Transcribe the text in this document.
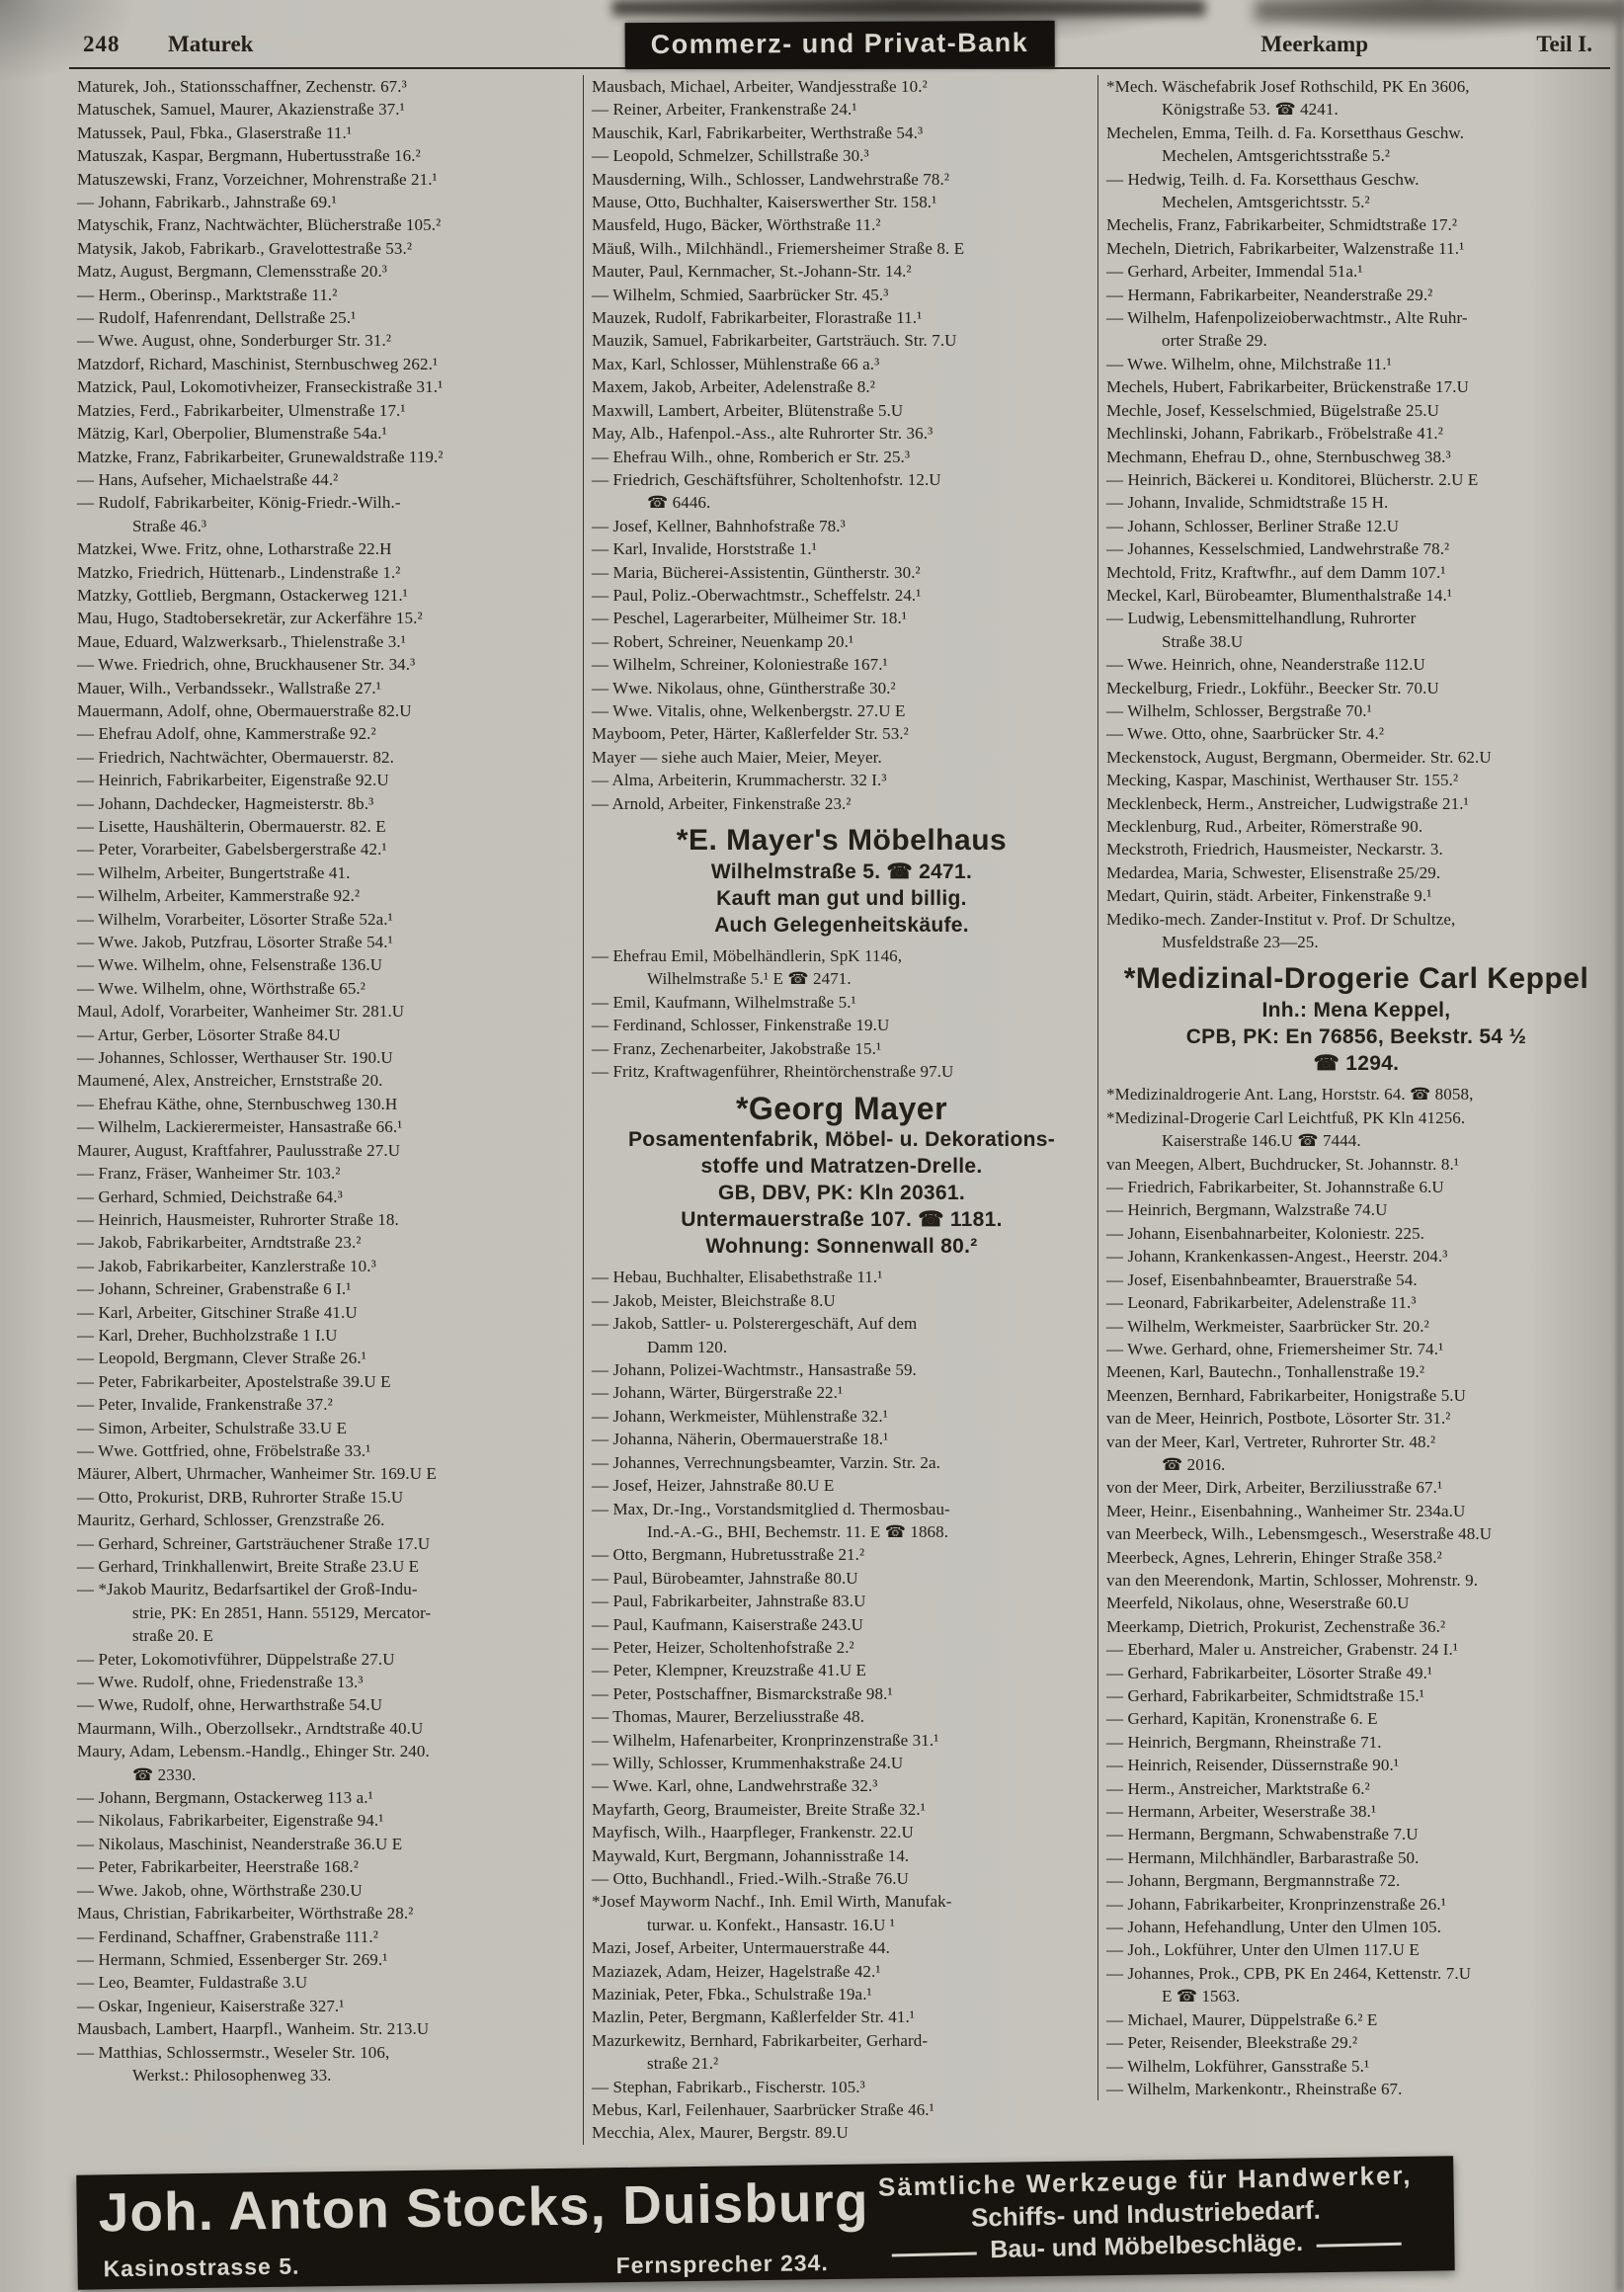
248 Maturek	Commerz- und Privat-Bank	Meerkamp	Teil I.
Maturek, Joh., Stationsschaffner, Zechenstr. 67.³
Matuschek, Samuel, Maurer, Akazienstraße 37.¹
Matussek, Paul, Fbka., Glaserstraße 11.¹
Matuszak, Kaspar, Bergmann, Hubertusstraße 16.²
Matuszewski, Franz, Vorzeichner, Mohrenstraße 21.¹
— Johann, Fabrikarb., Jahnstraße 69.¹
Matyschik, Franz, Nachtwächter, Blücherstraße 105.²
Matysik, Jakob, Fabrikarb., Gravelottestraße 53.²
Matz, August, Bergmann, Clemensstraße 20.³
— Herm., Oberinsp., Marktstraße 11.²
— Rudolf, Hafenrendant, Dellstraße 25.¹
— Wwe. August, ohne, Sonderburger Str. 31.²
Matzdorf, Richard, Maschinist, Sternbuschweg 262.¹
Matzick, Paul, Lokomotivheizer, Franseckistraße 31.¹
Matzies, Ferd., Fabrikarbeiter, Ulmenstraße 17.¹
Mätzig, Karl, Oberpolier, Blumenstraße 54a.¹
Matzke, Franz, Fabrikarbeiter, Grunewaldstraße 119.²
— Hans, Aufseher, Michaelstraße 44.²
— Rudolf, Fabrikarbeiter, König-Friedr.-Wilh.-
Straße 46.³
Matzkei, Wwe. Fritz, ohne, Lotharstraße 22.H
Matzko, Friedrich, Hüttenarb., Lindenstraße 1.²
Matzky, Gottlieb, Bergmann, Ostackerweg 121.¹
Mau, Hugo, Stadtobersekretär, zur Ackerfähre 15.²
Maue, Eduard, Walzwerksarb., Thielenstraße 3.¹
— Wwe. Friedrich, ohne, Bruckhausener Str. 34.³
Mauer, Wilh., Verbandssekr., Wallstraße 27.¹
Mauermann, Adolf, ohne, Obermauerstraße 82.U
— Ehefrau Adolf, ohne, Kammerstraße 92.²
— Friedrich, Nachtwächter, Obermauerstr. 82.
— Heinrich, Fabrikarbeiter, Eigenstraße 92.U
— Johann, Dachdecker, Hagmeisterstr. 8b.³
— Lisette, Haushälterin, Obermauerstr. 82. E
— Peter, Vorarbeiter, Gabelsbergerstraße 42.¹
— Wilhelm, Arbeiter, Bungertstraße 41.
— Wilhelm, Arbeiter, Kammerstraße 92.²
— Wilhelm, Vorarbeiter, Lösorter Straße 52a.¹
— Wwe. Jakob, Putzfrau, Lösorter Straße 54.¹
— Wwe. Wilhelm, ohne, Felsenstraße 136.U
— Wwe. Wilhelm, ohne, Wörthstraße 65.²
Maul, Adolf, Vorarbeiter, Wanheimer Str. 281.U
— Artur, Gerber, Lösorter Straße 84.U
— Johannes, Schlosser, Werthauser Str. 190.U
Maumené, Alex, Anstreicher, Ernststraße 20.
— Ehefrau Käthe, ohne, Sternbuschweg 130.H
— Wilhelm, Lackierermeister, Hansastraße 66.¹
Maurer, August, Kraftfahrer, Paulusstraße 27.U
— Franz, Fräser, Wanheimer Str. 103.²
— Gerhard, Schmied, Deichstraße 64.³
— Heinrich, Hausmeister, Ruhrorter Straße 18.
— Jakob, Fabrikarbeiter, Arndtstraße 23.²
— Jakob, Fabrikarbeiter, Kanzlerstraße 10.³
— Johann, Schreiner, Grabenstraße 6 I.¹
— Karl, Arbeiter, Gitschiner Straße 41.U
— Karl, Dreher, Buchholzstraße 1 I.U
— Leopold, Bergmann, Clever Straße 26.¹
— Peter, Fabrikarbeiter, Apostelstraße 39.U E
— Peter, Invalide, Frankenstraße 37.²
— Simon, Arbeiter, Schulstraße 33.U E
— Wwe. Gottfried, ohne, Fröbelstraße 33.¹
Mäurer, Albert, Uhrmacher, Wanheimer Str. 169.U E
— Otto, Prokurist, DRB, Ruhrorter Straße 15.U
Mauritz, Gerhard, Schlosser, Grenzstraße 26.
— Gerhard, Schreiner, Gartsträuchener Straße 17.U
— Gerhard, Trinkhallenwirt, Breite Straße 23.U E
— *Jakob Mauritz, Bedarfsartikel der Groß-Indu-
strie, PK: En 2851, Hann. 55129, Mercator-
straße 20. E
— Peter, Lokomotivführer, Düppelstraße 27.U
— Wwe. Rudolf, ohne, Friedenstraße 13.³
— Wwe, Rudolf, ohne, Herwarthstraße 54.U
Maurmann, Wilh., Oberzollsekr., Arndtstraße 40.U
Maury, Adam, Lebensm.-Handlg., Ehinger Str. 240.
☎ 2330.
— Johann, Bergmann, Ostackerweg 113 a.¹
— Nikolaus, Fabrikarbeiter, Eigenstraße 94.¹
— Nikolaus, Maschinist, Neanderstraße 36.U E
— Peter, Fabrikarbeiter, Heerstraße 168.²
— Wwe. Jakob, ohne, Wörthstraße 230.U
Maus, Christian, Fabrikarbeiter, Wörthstraße 28.²
— Ferdinand, Schaffner, Grabenstraße 111.²
— Hermann, Schmied, Essenberger Str. 269.¹
— Leo, Beamter, Fuldastraße 3.U
— Oskar, Ingenieur, Kaiserstraße 327.¹
Mausbach, Lambert, Haarpfl., Wanheim. Str. 213.U
— Matthias, Schlossermstr., Weseler Str. 106,
Werkst.: Philosophenweg 33.
Mausbach, Michael, Arbeiter, Wandjesstraße 10.²
— Reiner, Arbeiter, Frankenstraße 24.¹
Mauschik, Karl, Fabrikarbeiter, Werthstraße 54.³
— Leopold, Schmelzer, Schillstraße 30.³
Mausderning, Wilh., Schlosser, Landwehrstraße 78.²
Mause, Otto, Buchhalter, Kaiserswerther Str. 158.¹
Mausfeld, Hugo, Bäcker, Wörthstraße 11.²
Mäuß, Wilh., Milchhändl., Friemersheimer Straße 8. E
Mauter, Paul, Kernmacher, St.-Johann-Str. 14.²
— Wilhelm, Schmied, Saarbrücker Str. 45.³
Mauzek, Rudolf, Fabrikarbeiter, Florastraße 11.¹
Mauzik, Samuel, Fabrikarbeiter, Gartsträuch. Str. 7.U
Max, Karl, Schlosser, Mühlenstraße 66 a.³
Maxem, Jakob, Arbeiter, Adelenstraße 8.²
Maxwill, Lambert, Arbeiter, Blütenstraße 5.U
May, Alb., Hafenpol.-Ass., alte Ruhrorter Str. 36.³
— Ehefrau Wilh., ohne, Romberich er Str. 25.³
— Friedrich, Geschäftsführer, Scholtenhofstr. 12.U
☎ 6446.
— Josef, Kellner, Bahnhofstraße 78.³
— Karl, Invalide, Horststraße 1.¹
— Maria, Bücherei-Assistentin, Güntherstr. 30.²
— Paul, Poliz.-Oberwachtmstr., Scheffelstr. 24.¹
— Peschel, Lagerarbeiter, Mülheimer Str. 18.¹
— Robert, Schreiner, Neuenkamp 20.¹
— Wilhelm, Schreiner, Koloniestraße 167.¹
— Wwe. Nikolaus, ohne, Güntherstraße 30.²
— Wwe. Vitalis, ohne, Welkenbergstr. 27.U E
Mayboom, Peter, Härter, Kaßlerfelder Str. 53.²
Mayer — siehe auch Maier, Meier, Meyer.
— Alma, Arbeiterin, Krummacherstr. 32 I.³
— Arnold, Arbeiter, Finkenstraße 23.²
*E. Mayer's Möbelhaus
Wilhelmstraße 5. ☎ 2471.
Kauft man gut und billig.
Auch Gelegenheitskäufe.
— Ehefrau Emil, Möbelhändlerin, SpK 1146,
Wilhelmstraße 5.¹ E ☎ 2471.
— Emil, Kaufmann, Wilhelmstraße 5.¹
— Ferdinand, Schlosser, Finkenstraße 19.U
— Franz, Zechenarbeiter, Jakobstraße 15.¹
— Fritz, Kraftwagenführer, Rheintörchenstraße 97.U
*Georg Mayer
Posamentenfabrik, Möbel- u. Dekorations-
stoffe und Matratzen-Drelle.
GB, DBV, PK: Kln 20361.
Untermauerstraße 107. ☎ 1181.
Wohnung: Sonnenwall 80.²
— Hebau, Buchhalter, Elisabethstraße 11.¹
— Jakob, Meister, Bleichstraße 8.U
— Jakob, Sattler- u. Polsterergeschäft, Auf dem
Damm 120.
— Johann, Polizei-Wachtmstr., Hansastraße 59.
— Johann, Wärter, Bürgerstraße 22.¹
— Johann, Werkmeister, Mühlenstraße 32.¹
— Johanna, Näherin, Obermauerstraße 18.¹
— Johannes, Verrechnungsbeamter, Varzin. Str. 2a.
— Josef, Heizer, Jahnstraße 80.U E
— Max, Dr.-Ing., Vorstandsmitglied d. Thermosbau-
Ind.-A.-G., BHI, Bechemstr. 11. E ☎ 1868.
— Otto, Bergmann, Hubretusstraße 21.²
— Paul, Bürobeamter, Jahnstraße 80.U
— Paul, Fabrikarbeiter, Jahnstraße 83.U
— Paul, Kaufmann, Kaiserstraße 243.U
— Peter, Heizer, Scholtenhofstraße 2.²
— Peter, Klempner, Kreuzstraße 41.U E
— Peter, Postschaffner, Bismarckstraße 98.¹
— Thomas, Maurer, Berzeliusstraße 48.
— Wilhelm, Hafenarbeiter, Kronprinzenstraße 31.¹
— Willy, Schlosser, Krummenhakstraße 24.U
— Wwe. Karl, ohne, Landwehrstraße 32.³
Mayfarth, Georg, Braumeister, Breite Straße 32.¹
Mayfisch, Wilh., Haarpfleger, Frankenstr. 22.U
Maywald, Kurt, Bergmann, Johannisstraße 14.
— Otto, Buchhandl., Fried.-Wilh.-Straße 76.U
*Josef Mayworm Nachf., Inh. Emil Wirth, Manufak-
turwar. u. Konfekt., Hansastr. 16.U ¹
Mazi, Josef, Arbeiter, Untermauerstraße 44.
Maziazek, Adam, Heizer, Hagelstraße 42.¹
Maziniak, Peter, Fbka., Schulstraße 19a.¹
Mazlin, Peter, Bergmann, Kaßlerfelder Str. 41.¹
Mazurkewitz, Bernhard, Fabrikarbeiter, Gerhard-
straße 21.²
— Stephan, Fabrikarb., Fischerstr. 105.³
Mebus, Karl, Feilenhauer, Saarbrücker Straße 46.¹
Mecchia, Alex, Maurer, Bergstr. 89.U
*Mech. Wäschefabrik Josef Rothschild, PK En 3606,
Königstraße 53. ☎ 4241.
Mechelen, Emma, Teilh. d. Fa. Korsetthaus Geschw.
Mechelen, Amtsgerichtsstraße 5.²
— Hedwig, Teilh. d. Fa. Korsetthaus Geschw.
Mechelen, Amtsgerichtsstr. 5.²
Mechelis, Franz, Fabrikarbeiter, Schmidtstraße 17.²
Mecheln, Dietrich, Fabrikarbeiter, Walzenstraße 11.¹
— Gerhard, Arbeiter, Immendal 51a.¹
— Hermann, Fabrikarbeiter, Neanderstraße 29.²
— Wilhelm, Hafenpolizeioberwachtmstr., Alte Ruhr-
orter Straße 29.
— Wwe. Wilhelm, ohne, Milchstraße 11.¹
Mechels, Hubert, Fabrikarbeiter, Brückenstraße 17.U
Mechle, Josef, Kesselschmied, Bügelstraße 25.U
Mechlinski, Johann, Fabrikarb., Fröbelstraße 41.²
Mechmann, Ehefrau D., ohne, Sternbuschweg 38.³
— Heinrich, Bäckerei u. Konditorei, Blücherstr. 2.U E
— Johann, Invalide, Schmidtstraße 15 H.
— Johann, Schlosser, Berliner Straße 12.U
— Johannes, Kesselschmied, Landwehrstraße 78.²
Mechtold, Fritz, Kraftwfhr., auf dem Damm 107.¹
Meckel, Karl, Bürobeamter, Blumenthalstraße 14.¹
— Ludwig, Lebensmittelhandlung, Ruhrorter
Straße 38.U
— Wwe. Heinrich, ohne, Neanderstraße 112.U
Meckelburg, Friedr., Lokführ., Beecker Str. 70.U
— Wilhelm, Schlosser, Bergstraße 70.¹
— Wwe. Otto, ohne, Saarbrücker Str. 4.²
Meckenstock, August, Bergmann, Obermeider. Str. 62.U
Mecking, Kaspar, Maschinist, Werthauser Str. 155.²
Mecklenbeck, Herm., Anstreicher, Ludwigstraße 21.¹
Mecklenburg, Rud., Arbeiter, Römerstraße 90.
Meckstroth, Friedrich, Hausmeister, Neckarstr. 3.
Medardea, Maria, Schwester, Elisenstraße 25/29.
Medart, Quirin, städt. Arbeiter, Finkenstraße 9.¹
Mediko-mech. Zander-Institut v. Prof. Dr Schultze,
Musfeldstraße 23—25.
*Medizinal-Drogerie Carl Keppel
Inh.: Mena Keppel,
CPB, PK: En 76856, Beekstr. 54 ½
☎ 1294.
*Medizinaldrogerie Ant. Lang, Horststr. 64. ☎ 8058,
*Medizinal-Drogerie Carl Leichtfuß, PK Kln 41256.
Kaiserstraße 146.U ☎ 7444.
van Meegen, Albert, Buchdrucker, St. Johannstr. 8.¹
— Friedrich, Fabrikarbeiter, St. Johannstraße 6.U
— Heinrich, Bergmann, Walzstraße 74.U
— Johann, Eisenbahnarbeiter, Koloniestr. 225.
— Johann, Krankenkassen-Angest., Heerstr. 204.³
— Josef, Eisenbahnbeamter, Brauerstraße 54.
— Leonard, Fabrikarbeiter, Adelenstraße 11.³
— Wilhelm, Werkmeister, Saarbrücker Str. 20.²
— Wwe. Gerhard, ohne, Friemersheimer Str. 74.¹
Meenen, Karl, Bautechn., Tonhallenstraße 19.²
Meenzen, Bernhard, Fabrikarbeiter, Honigstraße 5.U
van de Meer, Heinrich, Postbote, Lösorter Str. 31.²
van der Meer, Karl, Vertreter, Ruhrorter Str. 48.²
☎ 2016.
von der Meer, Dirk, Arbeiter, Berziliusstraße 67.¹
Meer, Heinr., Eisenbahning., Wanheimer Str. 234a.U
van Meerbeck, Wilh., Lebensmgesch., Weserstraße 48.U
Meerbeck, Agnes, Lehrerin, Ehinger Straße 358.²
van den Meerendonk, Martin, Schlosser, Mohrenstr. 9.
Meerfeld, Nikolaus, ohne, Weserstraße 60.U
Meerkamp, Dietrich, Prokurist, Zechenstraße 36.²
— Eberhard, Maler u. Anstreicher, Grabenstr. 24 I.¹
— Gerhard, Fabrikarbeiter, Lösorter Straße 49.¹
— Gerhard, Fabrikarbeiter, Schmidtstraße 15.¹
— Gerhard, Kapitän, Kronenstraße 6. E
— Heinrich, Bergmann, Rheinstraße 71.
— Heinrich, Reisender, Düssernstraße 90.¹
— Herm., Anstreicher, Marktstraße 6.²
— Hermann, Arbeiter, Weserstraße 38.¹
— Hermann, Bergmann, Schwabenstraße 7.U
— Hermann, Milchhändler, Barbarastraße 50.
— Johann, Bergmann, Bergmannstraße 72.
— Johann, Fabrikarbeiter, Kronprinzenstraße 26.¹
— Johann, Hefehandlung, Unter den Ulmen 105.
— Joh., Lokführer, Unter den Ulmen 117.U E
— Johannes, Prok., CPB, PK En 2464, Kettenstr. 7.U
E ☎ 1563.
— Michael, Maurer, Düppelstraße 6.² E
— Peter, Reisender, Bleekstraße 29.²
— Wilhelm, Lokführer, Gansstraße 5.¹
— Wilhelm, Markenkontr., Rheinstraße 67.
Joh. Anton Stocks, Duisburg
Kasinostrasse 5.	Fernsprecher 234.
Sämtliche Werkzeuge für Handwerker,
Schiffs- und Industriebedarf.
Bau- und Möbelbeschläge.
